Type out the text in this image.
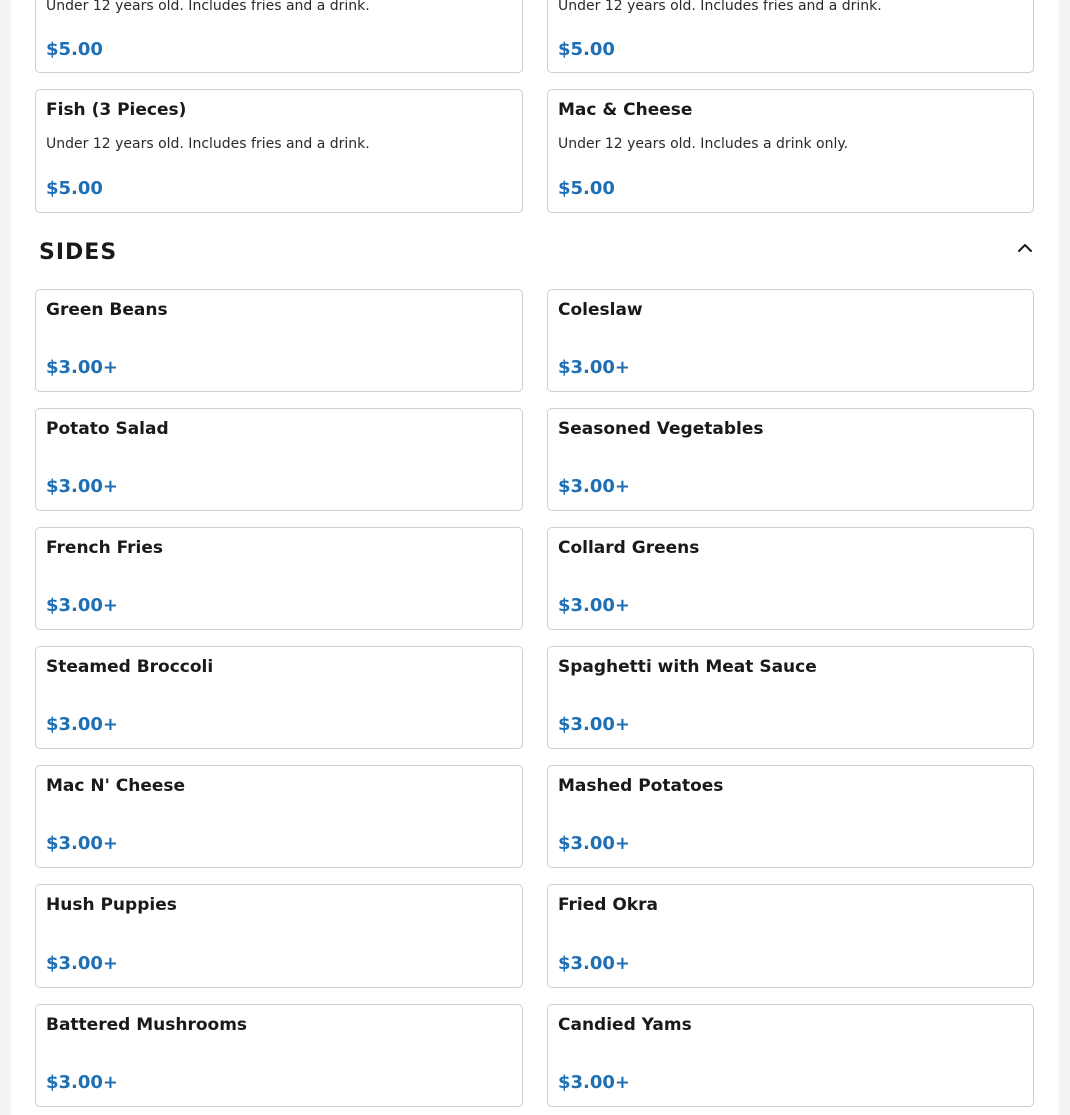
Under 12 years old. Includes fries and a drink.
$5.00
Under 12 years old. Includes fries and a drink.
$5.00
Fish (3 Pieces)
Under 12 years old. Includes fries and a drink.
$5.00
Mac & Cheese
Under 12 years old. Includes a drink only.
$5.00
SIDES
Green Beans
$3.00+
Coleslaw
$3.00+
Potato Salad
$3.00+
Seasoned Vegetables
$3.00+
French Fries
$3.00+
Collard Greens
$3.00+
Steamed Broccoli
$3.00+
Spaghetti with Meat Sauce
$3.00+
Mac N' Cheese
$3.00+
Mashed Potatoes
$3.00+
Hush Puppies
$3.00+
Fried Okra
$3.00+
Battered Mushrooms
$3.00+
Candied Yams
$3.00+
